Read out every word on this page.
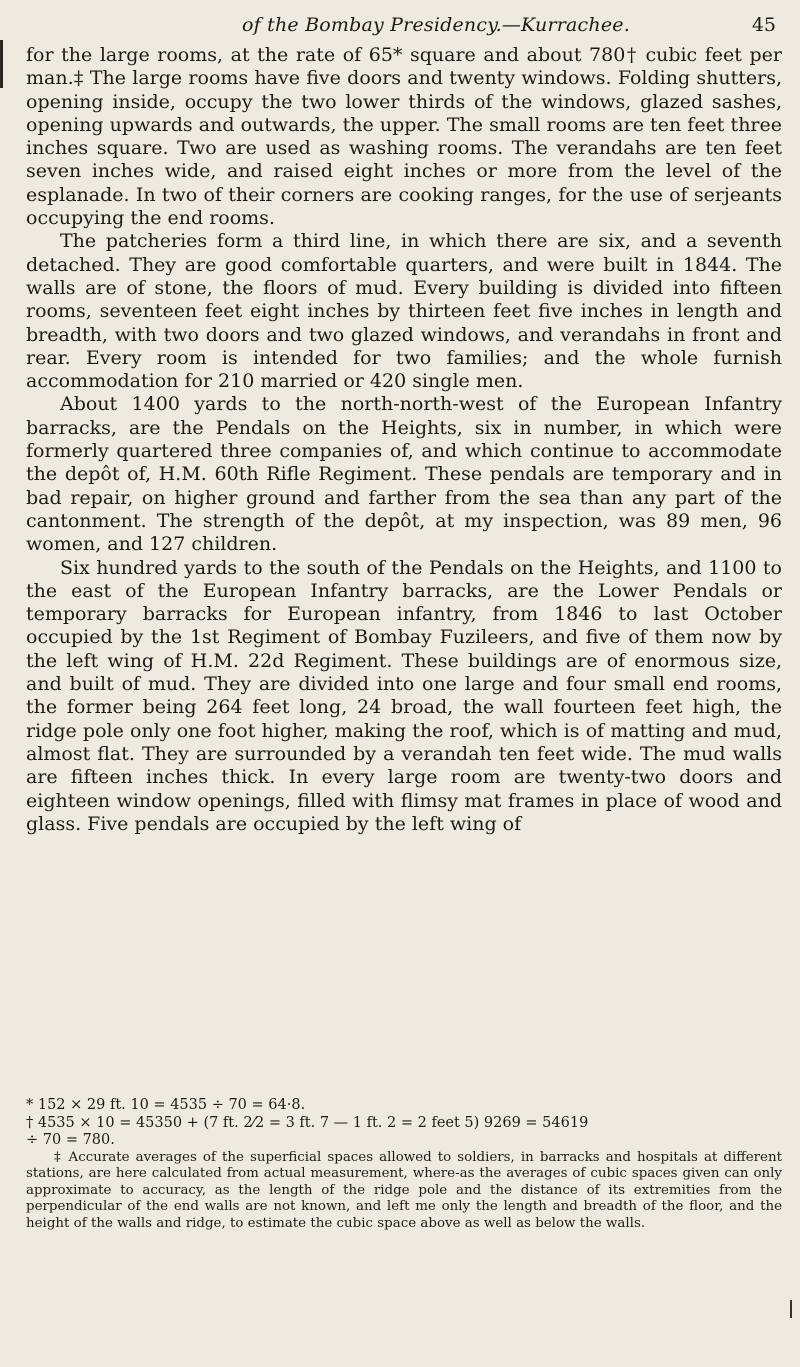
of the Bombay Presidency.—Kurrachee.	45

for the large rooms, at the rate of 65* square and about 780† cubic feet per man.‡ The large rooms have five doors and twenty windows. Folding shutters, opening inside, occupy the two lower thirds of the windows, glazed sashes, opening upwards and outwards, the upper. The small rooms are ten feet three inches square. Two are used as washing rooms. The verandahs are ten feet seven inches wide, and raised eight inches or more from the level of the esplanade. In two of their corners are cooking ranges, for the use of serjeants occupying the end rooms.

The patcheries form a third line, in which there are six, and a seventh detached. They are good comfortable quarters, and were built in 1844. The walls are of stone, the floors of mud. Every building is divided into fifteen rooms, seventeen feet eight inches by thirteen feet five inches in length and breadth, with two doors and two glazed windows, and verandahs in front and rear. Every room is intended for two families; and the whole furnish accommodation for 210 married or 420 single men.

About 1400 yards to the north-north-west of the European Infantry barracks, are the Pendals on the Heights, six in number, in which were formerly quartered three companies of, and which continue to accommodate the depôt of, H.M. 60th Rifle Regiment. These pendals are temporary and in bad repair, on higher ground and farther from the sea than any part of the cantonment. The strength of the depôt, at my inspection, was 89 men, 96 women, and 127 children.

Six hundred yards to the south of the Pendals on the Heights, and 1100 to the east of the European Infantry barracks, are the Lower Pendals or temporary barracks for European infantry, from 1846 to last October occupied by the 1st Regiment of Bombay Fuzileers, and five of them now by the left wing of H.M. 22d Regiment. These buildings are of enormous size, and built of mud. They are divided into one large and four small end rooms, the former being 264 feet long, 24 broad, the wall fourteen feet high, the ridge pole only one foot higher, making the roof, which is of matting and mud, almost flat. They are surrounded by a verandah ten feet wide. The mud walls are fifteen inches thick. In every large room are twenty-two doors and eighteen window openings, filled with flimsy mat frames in place of wood and glass. Five pendals are occupied by the left wing of

* 152 × 29 ft. 10 = 4535 ÷ 70 = 64·8.

† 4535 × 10 = 45350 + (7 ft. 2⁄2 = 3 ft. 7 — 1 ft. 2 = 2 feet 5) 9269 = 54619

÷ 70 = 780.

‡ Accurate averages of the superficial spaces allowed to soldiers, in barracks and hospitals at different stations, are here calculated from actual measurement, where-as the averages of cubic spaces given can only approximate to accuracy, as the length of the ridge pole and the distance of its extremities from the perpendicular of the end walls are not known, and left me only the length and breadth of the floor, and the height of the walls and ridge, to estimate the cubic space above as well as below the walls.
